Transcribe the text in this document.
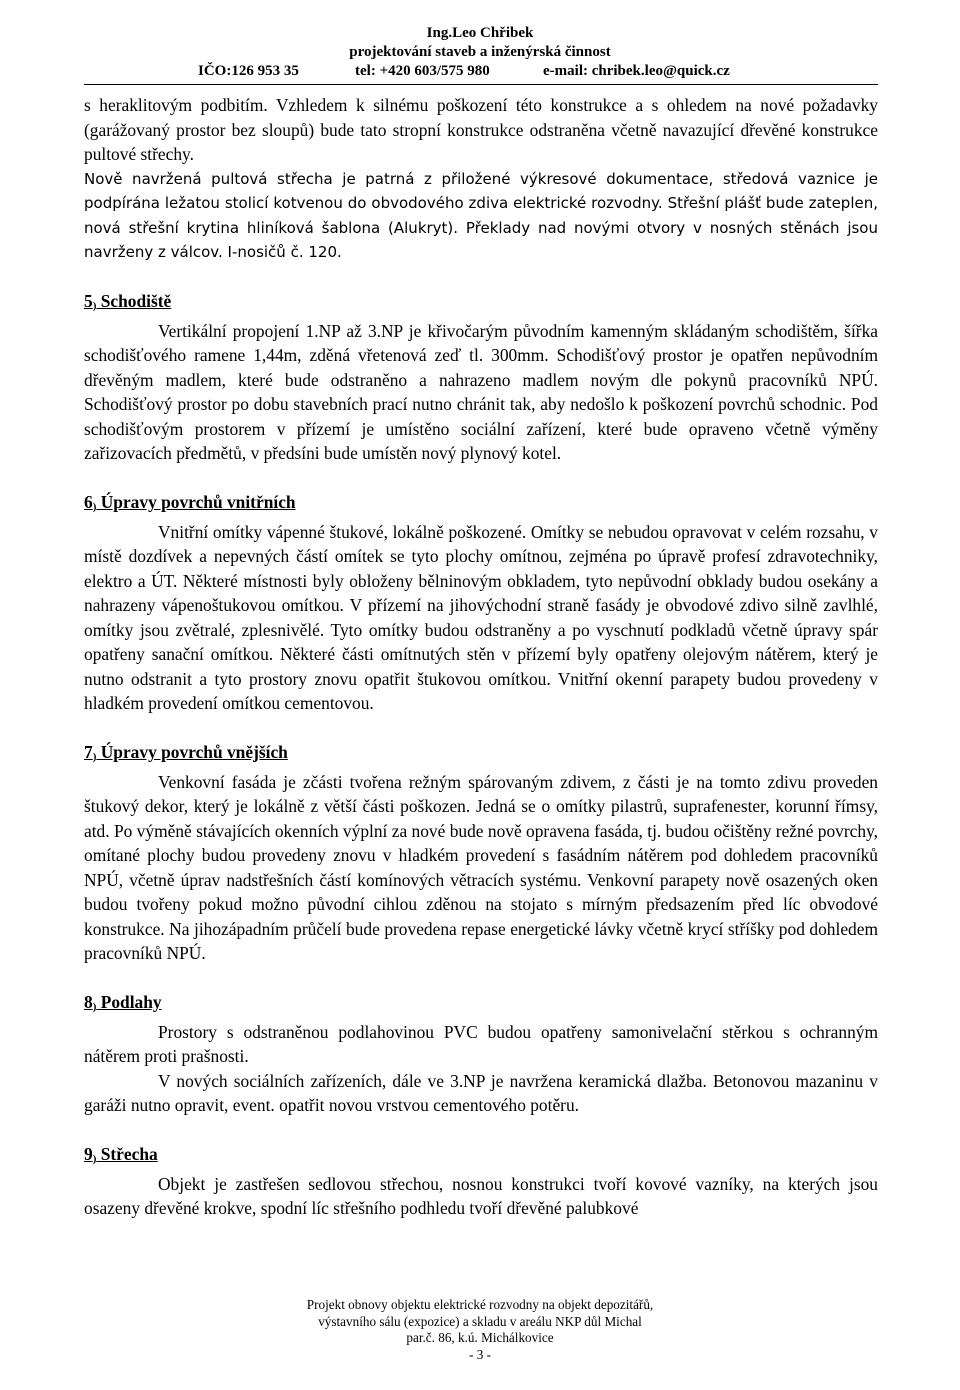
Ing.Leo Chřibek
projektování staveb a inženýrská činnost
IČO:126 953 35	tel: +420 603/575 980	e-mail: chribek.leo@quick.cz

s heraklitovým podbitím. Vzhledem k silnému poškození této konstrukce a s ohledem na nové požadavky (garážovaný prostor bez sloupů) bude tato stropní konstrukce odstraněna včetně navazující dřevěné konstrukce pultové střechy.

Nově navržená pultová střecha je patrná z přiložené výkresové dokumentace, středová vaznice je podpírána ležatou stolicí kotvenou do obvodového zdiva elektrické rozvodny. Střešní plášť bude zateplen, nová střešní krytina hliníková šablona (Alukryt). Překlady nad novými otvory v nosných stěnách jsou navrženy z válcov. I-nosičů č. 120.

5) Schodiště

Vertikální propojení 1.NP až 3.NP je křivočarým původním kamenným skládaným schodištěm, šířka schodišťového ramene 1,44m, zděná vřetenová zeď tl. 300mm. Schodišťový prostor je opatřen nepůvodním dřevěným madlem, které bude odstraněno a nahrazeno madlem novým dle pokynů pracovníků NPÚ. Schodišťový prostor po dobu stavebních prací nutno chránit tak, aby nedošlo k poškození povrchů schodnic. Pod schodišťovým prostorem v přízemí je umístěno sociální zařízení, které bude opraveno včetně výměny zařizovacích předmětů, v předsíni bude umístěn nový plynový kotel.

6) Úpravy povrchů vnitřních

Vnitřní omítky vápenné štukové, lokálně poškozené. Omítky se nebudou opravovat v celém rozsahu, v místě dozdívek a nepevných částí omítek se tyto plochy omítnou, zejména po úpravě profesí zdravotechniky, elektro a ÚT. Některé místnosti byly obloženy bělninovým obkladem, tyto nepůvodní obklady budou osekány a nahrazeny vápenoštukovou omítkou. V přízemí na jihovýchodní straně fasády je obvodové zdivo silně zavlhlé, omítky jsou zvětralé, zplesnivělé. Tyto omítky budou odstraněny a po vyschnutí podkladů včetně úpravy spár opatřeny sanační omítkou. Některé části omítnutých stěn v přízemí byly opatřeny olejovým nátěrem, který je nutno odstranit a tyto prostory znovu opatřit štukovou omítkou. Vnitřní okenní parapety budou provedeny v hladkém provedení omítkou cementovou.

7) Úpravy povrchů vnějších

Venkovní fasáda je zčásti tvořena režným spárovaným zdivem, z části je na tomto zdivu proveden štukový dekor, který je lokálně z větší části poškozen. Jedná se o omítky pilastrů, suprafenester, korunní římsy, atd. Po výměně stávajících okenních výplní za nové bude nově opravena fasáda, tj. budou očištěny režné povrchy, omítané plochy budou provedeny znovu v hladkém provedení s fasádním nátěrem pod dohledem pracovníků NPÚ, včetně úprav nadstřešních částí komínových větracích systému. Venkovní parapety nově osazených oken budou tvořeny pokud možno původní cihlou zděnou na stojato s mírným předsazením před líc obvodové konstrukce. Na jihozápadním průčelí bude provedena repase energetické lávky včetně krycí stříšky pod dohledem pracovníků NPÚ.

8) Podlahy

Prostory s odstraněnou podlahovinou PVC budou opatřeny samonivelační stěrkou s ochranným nátěrem proti prašnosti.

V nových sociálních zařízeních, dále ve 3.NP je navržena keramická dlažba. Betonovou mazaninu v garáži nutno opravit, event. opatřit novou vrstvou cementového potěru.

9) Střecha

Objekt je zastřešen sedlovou střechou, nosnou konstrukci tvoří kovové vazníky, na kterých jsou osazeny dřevěné krokve, spodní líc střešního podhledu tvoří dřevěné palubkové

Projekt obnovy objektu elektrické rozvodny na objekt depozitářů,
výstavního sálu (expozice) a skladu v areálu NKP důl Michal
par.č. 86, k.ú. Michálkovice
- 3 -
